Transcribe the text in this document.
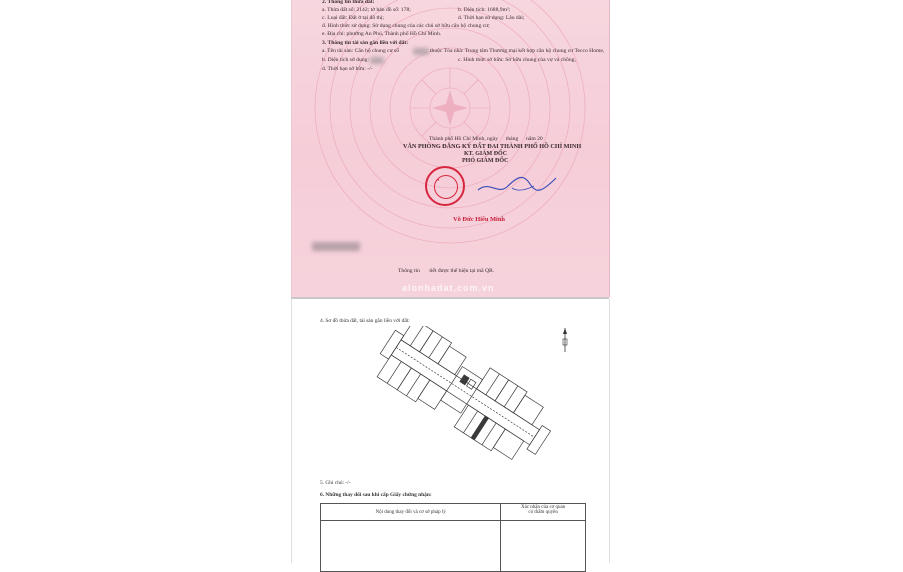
2. Thông tin thửa đất:
a. Thửa đất số: 2142; tờ bản đồ số: 178;	b. Diện tích: 1688,9m²;
c. Loại đất: Đất ở tại đô thị;	d. Thời hạn sử dụng: Lâu dài;
đ. Hình thức sử dụng: Sử dụng chung của các chủ sở hữu căn hộ chung cư;
e. Địa chỉ: phường An Phú, Thành phố Hồ Chí Minh.
3. Thông tin tài sản gắn liền với đất:
a. Tên tài sản: Căn hộ chung cư số	thuộc Tòa nhà: Trung tâm Thương mại kết hợp căn hộ chung cư Tecco Home,
b. Diện tích sử dụng:	c. Hình thức sở hữu: Sở hữu chung của vợ và chồng,
d. Thời hạn sở hữu: -/-
Thành phố Hồ Chí Minh, ngày tháng năm 20
VĂN PHÒNG ĐĂNG KÝ ĐẤT ĐAI THÀNH PHỐ HỒ CHÍ MINH
KT. GIÁM ĐỐC
PHÓ GIÁM ĐỐC
Võ Đức Hiếu Minh
Thông tin tiết được thể hiện tại mã QR.
★
alonhadat.com.vn
4. Sơ đồ thửa đất, tài sản gắn liền với đất:
5. Ghi chú: -/-
6. Những thay đổi sau khi cấp Giấy chứng nhận:
Nội dung thay đổi và cơ sở pháp lý	Xác nhận của cơ quan
có thẩm quyền
